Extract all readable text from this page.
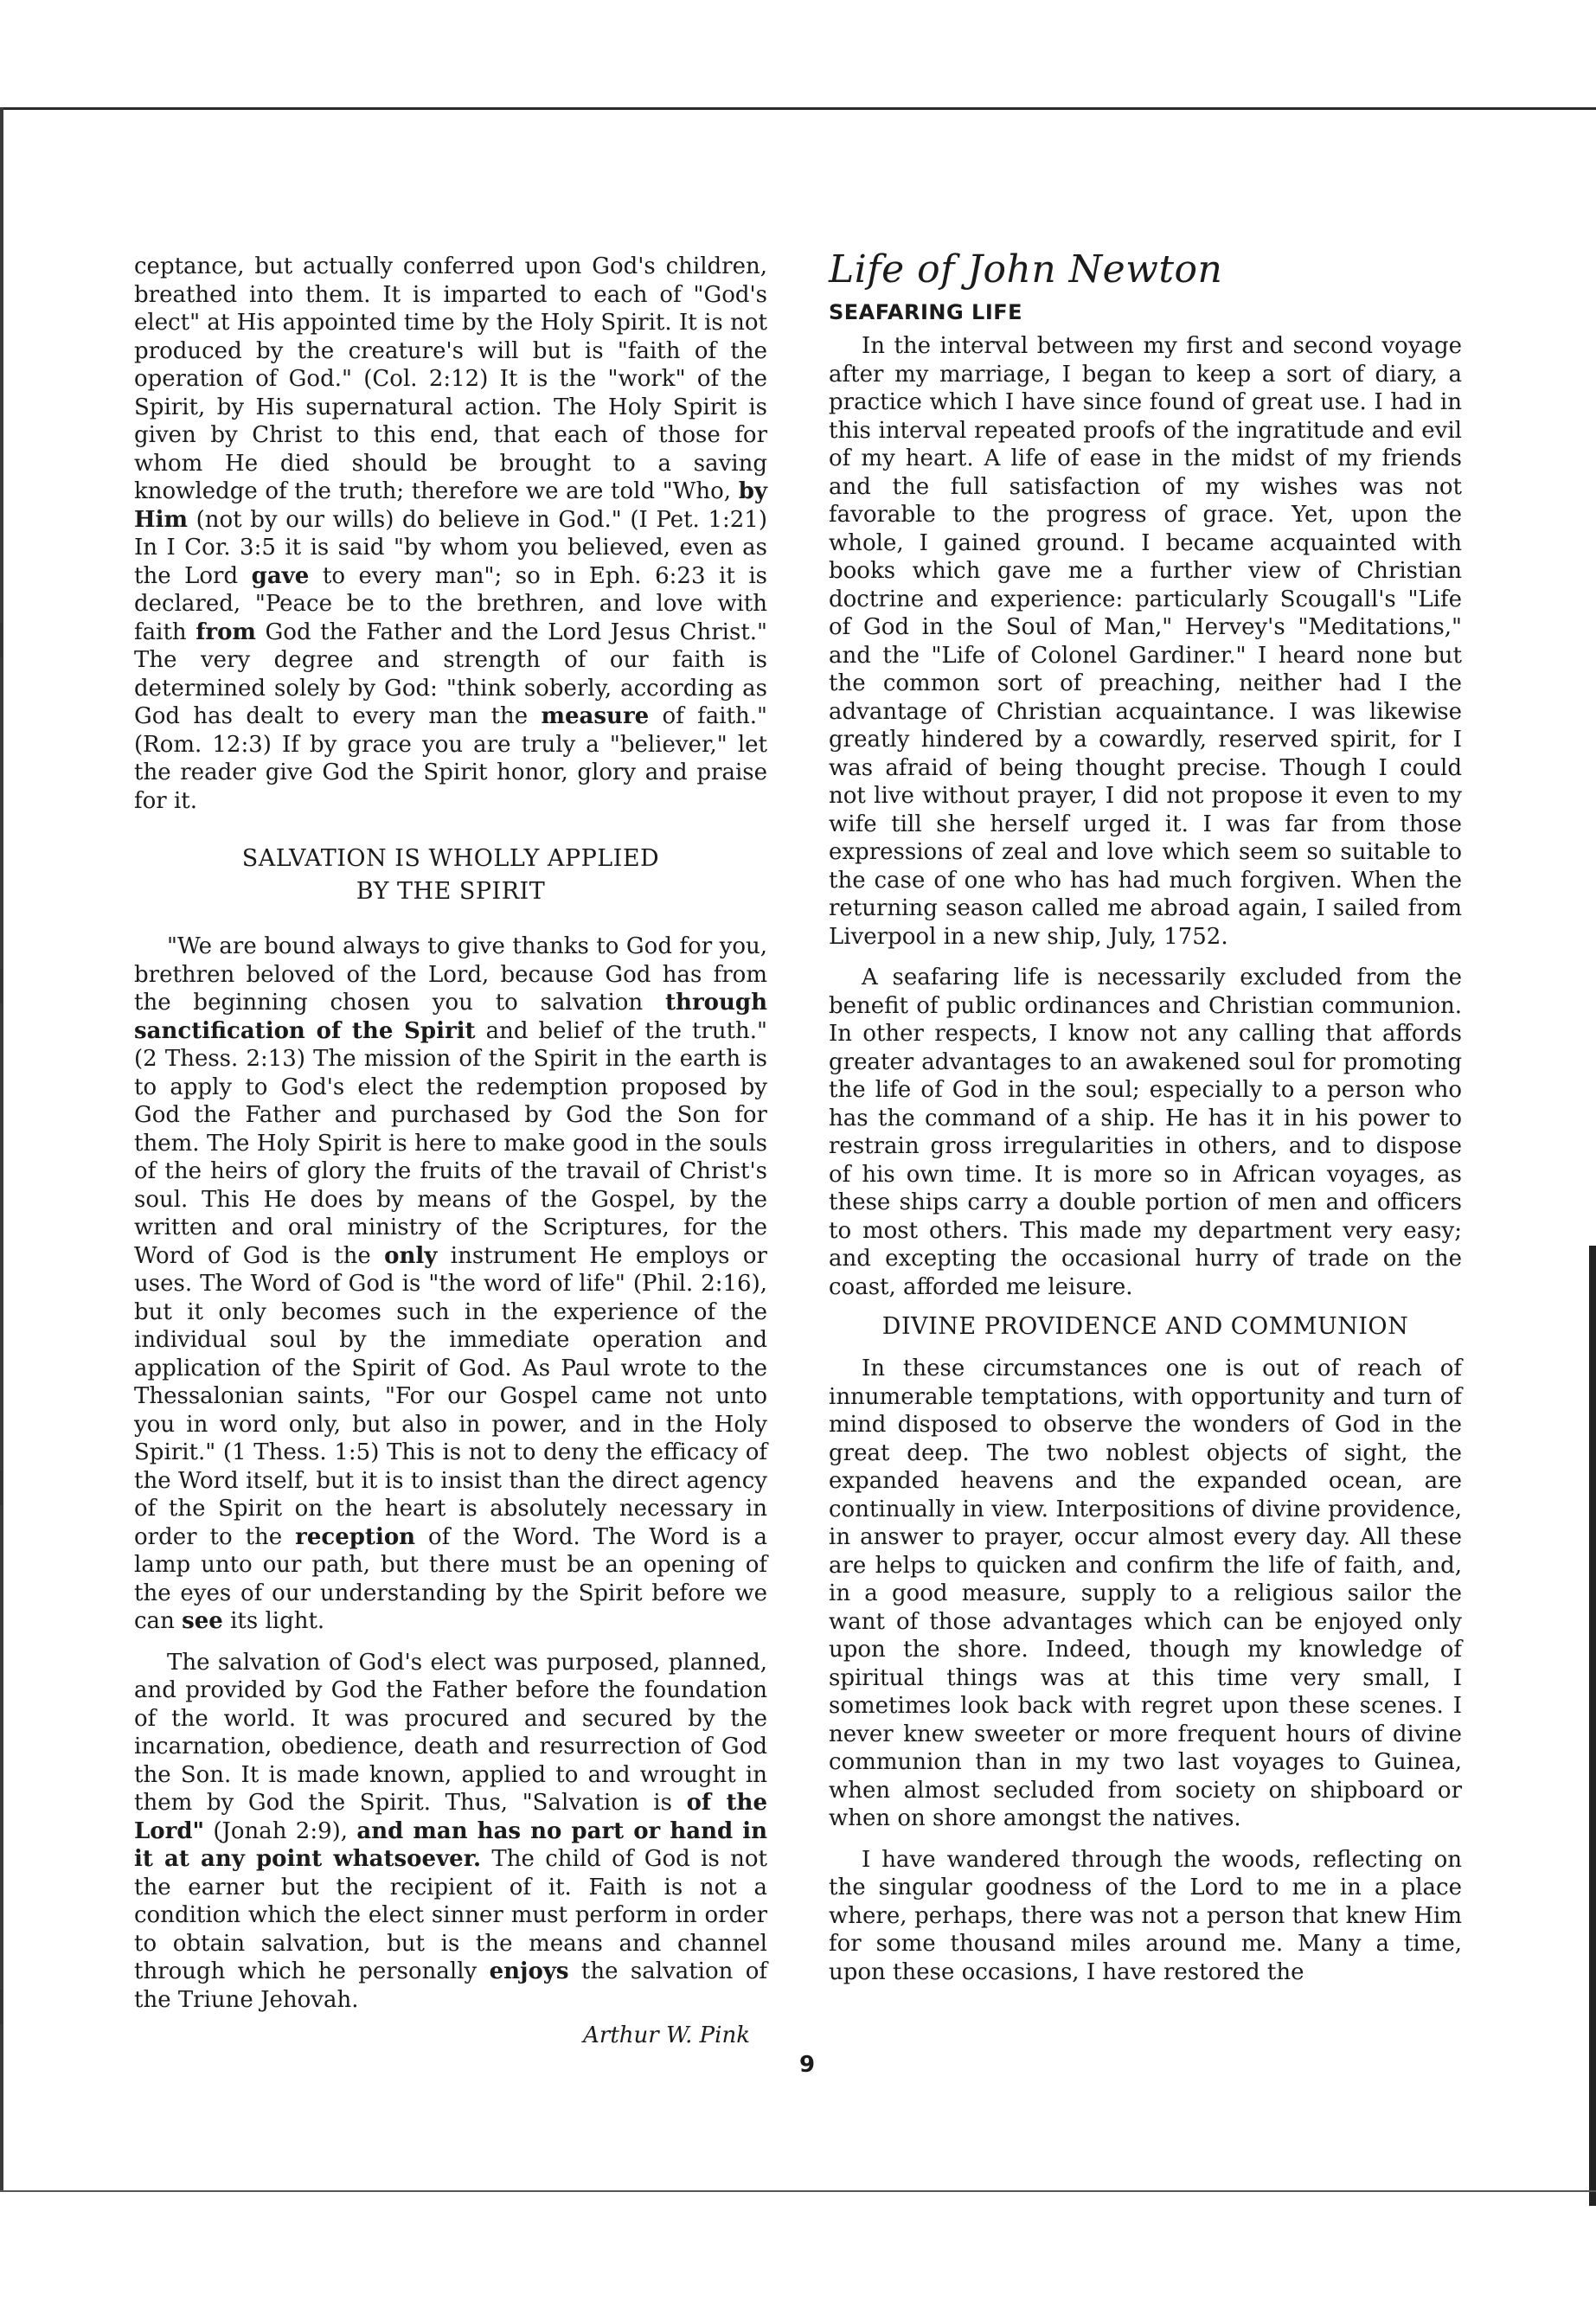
ceptance, but actually conferred upon God's children, breathed into them. It is imparted to each of "God's elect" at His appointed time by the Holy Spirit. It is not produced by the creature's will but is "faith of the operation of God." (Col. 2:12) It is the "work" of the Spirit, by His supernatural action. The Holy Spirit is given by Christ to this end, that each of those for whom He died should be brought to a saving knowledge of the truth; therefore we are told "Who, by Him (not by our wills) do believe in God." (I Pet. 1:21) In I Cor. 3:5 it is said "by whom you believed, even as the Lord gave to every man"; so in Eph. 6:23 it is declared, "Peace be to the brethren, and love with faith from God the Father and the Lord Jesus Christ." The very degree and strength of our faith is determined solely by God: "think soberly, according as God has dealt to every man the measure of faith." (Rom. 12:3) If by grace you are truly a "believer," let the reader give God the Spirit honor, glory and praise for it.

SALVATION IS WHOLLY APPLIED
BY THE SPIRIT

"We are bound always to give thanks to God for you, brethren beloved of the Lord, because God has from the beginning chosen you to salvation through sanctification of the Spirit and belief of the truth." (2 Thess. 2:13) The mission of the Spirit in the earth is to apply to God's elect the redemption proposed by God the Father and purchased by God the Son for them. The Holy Spirit is here to make good in the souls of the heirs of glory the fruits of the travail of Christ's soul. This He does by means of the Gospel, by the written and oral ministry of the Scriptures, for the Word of God is the only instrument He employs or uses. The Word of God is "the word of life" (Phil. 2:16), but it only becomes such in the experience of the individual soul by the immediate operation and application of the Spirit of God. As Paul wrote to the Thessalonian saints, "For our Gospel came not unto you in word only, but also in power, and in the Holy Spirit." (1 Thess. 1:5) This is not to deny the efficacy of the Word itself, but it is to insist than the direct agency of the Spirit on the heart is absolutely necessary in order to the reception of the Word. The Word is a lamp unto our path, but there must be an opening of the eyes of our understanding by the Spirit before we can see its light.

The salvation of God's elect was purposed, planned, and provided by God the Father before the foundation of the world. It was procured and secured by the incarnation, obedience, death and resurrection of God the Son. It is made known, applied to and wrought in them by God the Spirit. Thus, "Salvation is of the Lord" (Jonah 2:9), and man has no part or hand in it at any point whatsoever. The child of God is not the earner but the recipient of it. Faith is not a condition which the elect sinner must perform in order to obtain salvation, but is the means and channel through which he personally enjoys the salvation of the Triune Jehovah.

Arthur W. Pink
Life of John Newton
SEAFARING LIFE

In the interval between my first and second voyage after my marriage, I began to keep a sort of diary, a practice which I have since found of great use. I had in this interval repeated proofs of the ingratitude and evil of my heart. A life of ease in the midst of my friends and the full satisfaction of my wishes was not favorable to the progress of grace. Yet, upon the whole, I gained ground. I became acquainted with books which gave me a further view of Christian doctrine and experience: particularly Scougall's "Life of God in the Soul of Man," Hervey's "Meditations," and the "Life of Colonel Gardiner." I heard none but the common sort of preaching, neither had I the advantage of Christian acquaintance. I was likewise greatly hindered by a cowardly, reserved spirit, for I was afraid of being thought precise. Though I could not live without prayer, I did not propose it even to my wife till she herself urged it. I was far from those expressions of zeal and love which seem so suitable to the case of one who has had much forgiven. When the returning season called me abroad again, I sailed from Liverpool in a new ship, July, 1752.

A seafaring life is necessarily excluded from the benefit of public ordinances and Christian communion. In other respects, I know not any calling that affords greater advantages to an awakened soul for promoting the life of God in the soul; especially to a person who has the command of a ship. He has it in his power to restrain gross irregularities in others, and to dispose of his own time. It is more so in African voyages, as these ships carry a double portion of men and officers to most others. This made my department very easy; and excepting the occasional hurry of trade on the coast, afforded me leisure.

DIVINE PROVIDENCE AND COMMUNION

In these circumstances one is out of reach of innumerable temptations, with opportunity and turn of mind disposed to observe the wonders of God in the great deep. The two noblest objects of sight, the expanded heavens and the expanded ocean, are continually in view. Interpositions of divine providence, in answer to prayer, occur almost every day. All these are helps to quicken and confirm the life of faith, and, in a good measure, supply to a religious sailor the want of those advantages which can be enjoyed only upon the shore. Indeed, though my knowledge of spiritual things was at this time very small, I sometimes look back with regret upon these scenes. I never knew sweeter or more frequent hours of divine communion than in my two last voyages to Guinea, when almost secluded from society on shipboard or when on shore amongst the natives.

I have wandered through the woods, reflecting on the singular goodness of the Lord to me in a place where, perhaps, there was not a person that knew Him for some thousand miles around me. Many a time, upon these occasions, I have restored the

9
